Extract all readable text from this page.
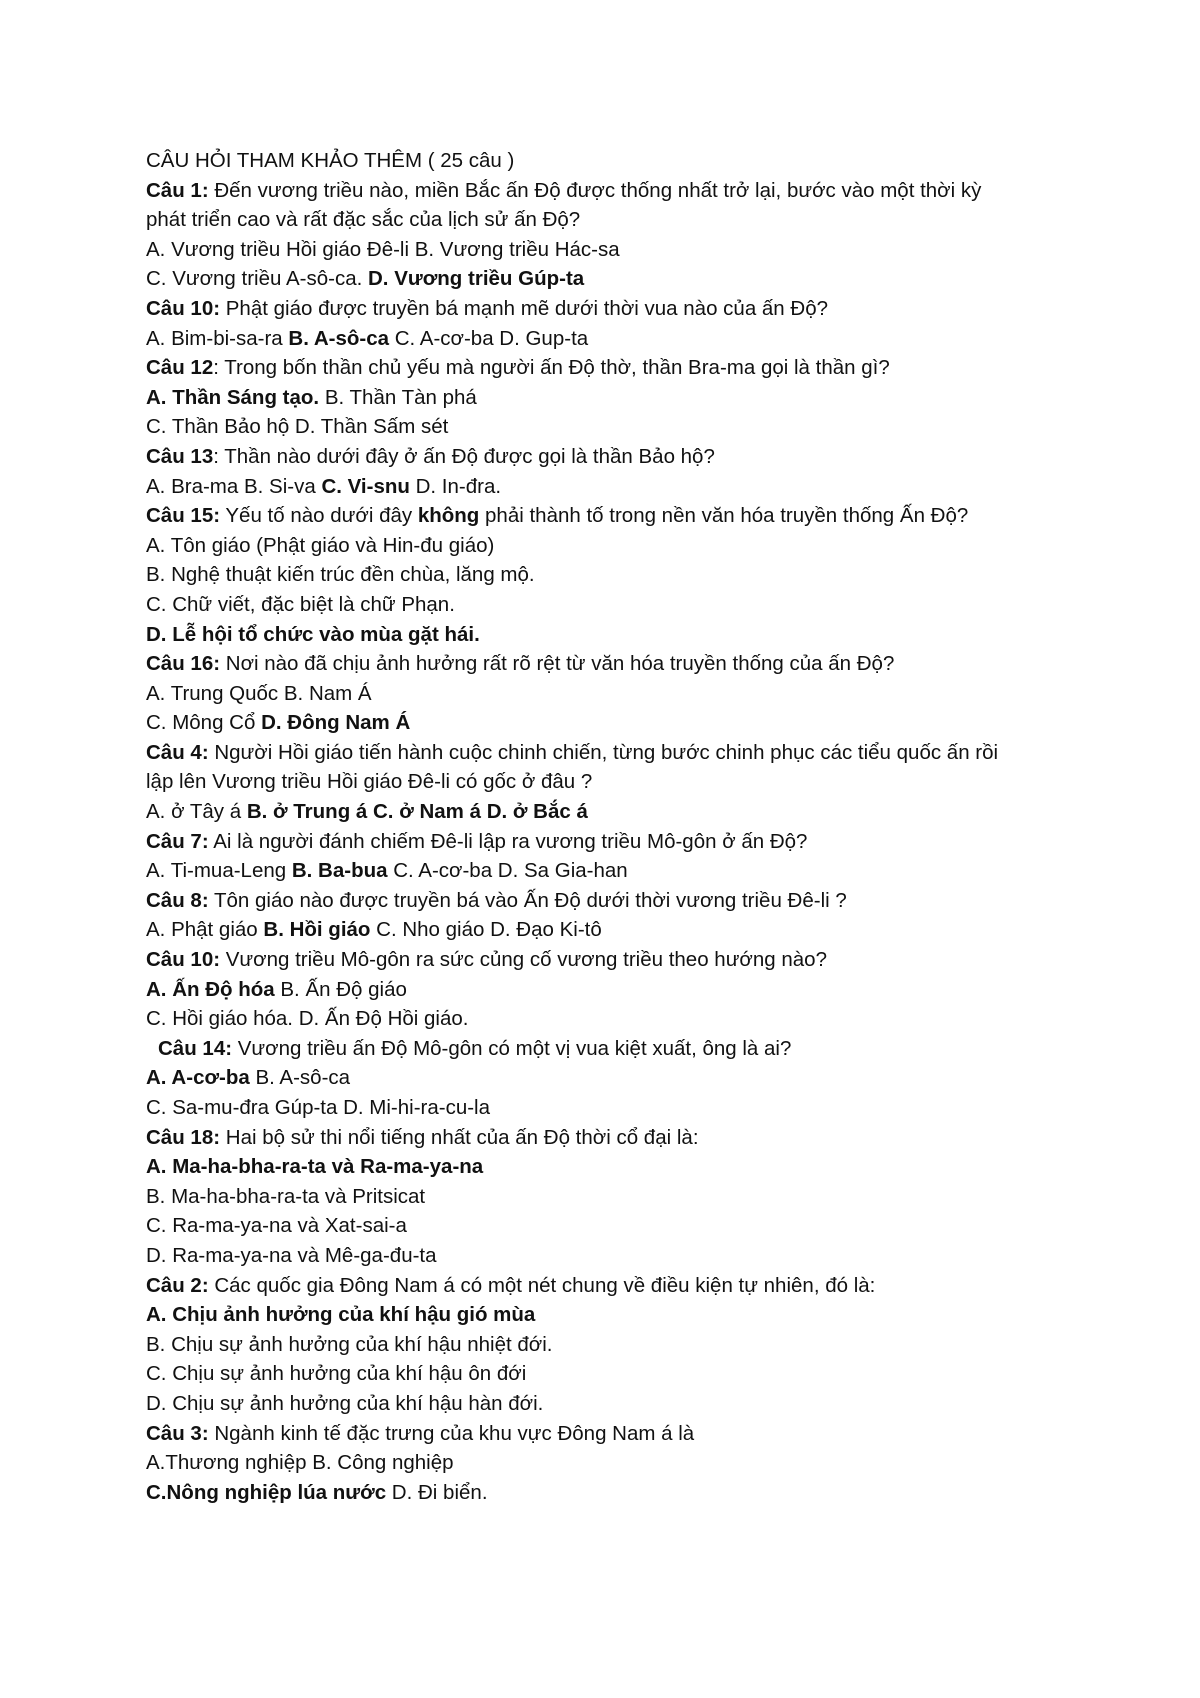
CÂU HỎI THAM KHẢO THÊM ( 25 câu )
Câu 1: Đến vương triều nào, miền Bắc ấn Độ được thống nhất trở lại, bước vào một thời kỳ
phát triển cao và rất đặc sắc của lịch sử ấn Độ?
A. Vương triều Hồi giáo Đê-li B. Vương triều Hác-sa
C. Vương triều A-sô-ca. D. Vương triều Gúp-ta
Câu 10: Phật giáo được truyền bá mạnh mẽ dưới thời vua nào của ấn Độ?
A. Bim-bi-sa-ra B. A-sô-ca C. A-cơ-ba D. Gup-ta
Câu 12: Trong bốn thần chủ yếu mà người ấn Độ thờ, thần Bra-ma gọi là thần gì?
A. Thần Sáng tạo. B. Thần Tàn phá
C. Thần Bảo hộ D. Thần Sấm sét
Câu 13: Thần nào dưới đây ở ấn Độ được gọi là thần Bảo hộ?
A. Bra-ma B. Si-va C. Vi-snu D. In-đra.
Câu 15: Yếu tố nào dưới đây không phải thành tố trong nền văn hóa truyền thống Ấn Độ?
A. Tôn giáo (Phật giáo và Hin-đu giáo)
B. Nghệ thuật kiến trúc đền chùa, lăng mộ.
C. Chữ viết, đặc biệt là chữ Phạn.
D. Lễ hội tổ chức vào mùa gặt hái.
Câu 16: Nơi nào đã chịu ảnh hưởng rất rõ rệt từ văn hóa truyền thống của ấn Độ?
A. Trung Quốc B. Nam Á
C. Mông Cổ D. Đông Nam Á
Câu 4: Người Hồi giáo tiến hành cuộc chinh chiến, từng bước chinh phục các tiểu quốc ấn rồi
lập lên Vương triều Hồi giáo Đê-li có gốc ở đâu ?
A. ở Tây á B. ở Trung á C. ở Nam á D. ở Bắc á
Câu 7: Ai là người đánh chiếm Đê-li lập ra vương triều Mô-gôn ở ấn Độ?
A. Ti-mua-Leng B. Ba-bua C. A-cơ-ba D. Sa Gia-han
Câu 8: Tôn giáo nào được truyền bá vào Ấn Độ dưới thời vương triều Đê-li ?
A. Phật giáo B. Hồi giáo C. Nho giáo D. Đạo Ki-tô
Câu 10: Vương triều Mô-gôn ra sức củng cố vương triều theo hướng nào?
A. Ấn Độ hóa B. Ấn Độ giáo
C. Hồi giáo hóa. D. Ấn Độ Hồi giáo.
Câu 14: Vương triều ấn Độ Mô-gôn có một vị vua kiệt xuất, ông là ai?
A. A-cơ-ba B. A-sô-ca
C. Sa-mu-đra Gúp-ta D. Mi-hi-ra-cu-la
Câu 18: Hai bộ sử thi nổi tiếng nhất của ấn Độ thời cổ đại là:
A. Ma-ha-bha-ra-ta và Ra-ma-ya-na
B. Ma-ha-bha-ra-ta và Pritsicat
C. Ra-ma-ya-na và Xat-sai-a
D. Ra-ma-ya-na và Mê-ga-đu-ta
Câu 2: Các quốc gia Đông Nam á có một nét chung về điều kiện tự nhiên, đó là:
A. Chịu ảnh hưởng của khí hậu gió mùa
B. Chịu sự ảnh hưởng của khí hậu nhiệt đới.
C. Chịu sự ảnh hưởng của khí hậu ôn đới
D. Chịu sự ảnh hưởng của khí hậu hàn đới.
Câu 3: Ngành kinh tế đặc trưng của khu vực Đông Nam á là
A.Thương nghiệp B. Công nghiệp
C.Nông nghiệp lúa nước D. Đi biển.
